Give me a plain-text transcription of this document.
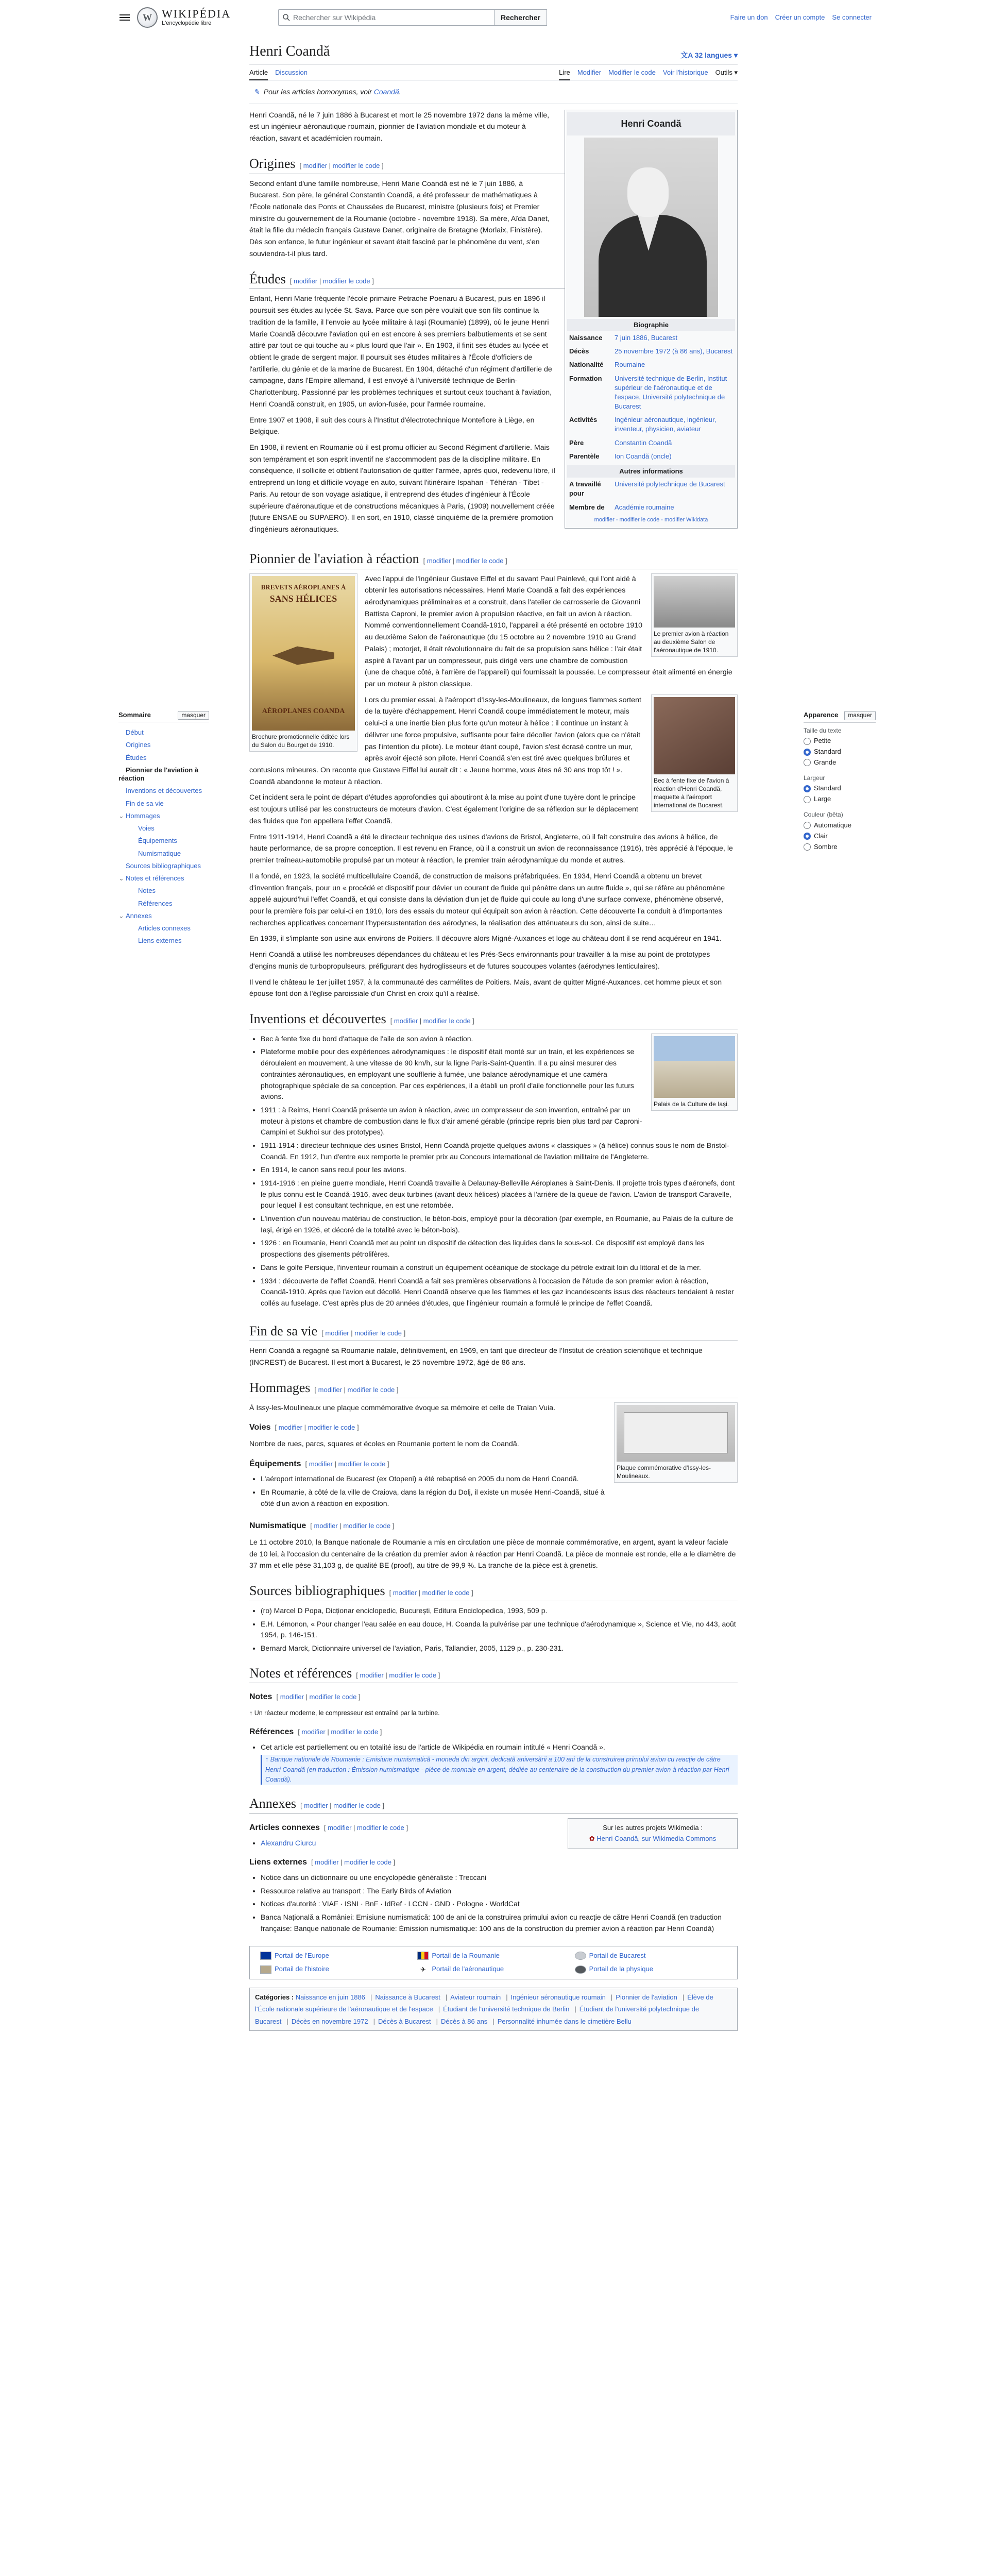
W WIKIPÉDIA
L'encyclopédie libre
Rechercher sur Wikipédia	Rechercher	Faire un don Créer un compte Se connecter
Sommaire	masquer
Début
Origines
Études
Pionnier de l'aviation à réaction
Inventions et découvertes
Fin de sa vie
⌄ Hommages
Voies
Équipements
Numismatique
Sources bibliographiques
⌄ Notes et références
Notes
Références
⌄ Annexes
Articles connexes
Liens externes
Apparence	masquer
Taille du texte
Petite
Standard
Grande
Largeur
Standard
Large
Couleur (bêta)
Automatique
Clair
Sombre
Henri Coandă	文A 32 langues ▾
Article Discussion	Lire Modifier Modifier le code Voir l'historique Outils ▾
✎ Pour les articles homonymes, voir Coandă.
Henri Coandă
Biographie
Naissance	7 juin 1886, Bucarest
Décès	25 novembre 1972 (à 86 ans), Bucarest
Nationalité	Roumaine
Formation	Université technique de Berlin, Institut supérieur de l'aéronautique et de l'espace, Université polytechnique de Bucarest
Activités	Ingénieur aéronautique, ingénieur, inventeur, physicien, aviateur
Père	Constantin Coandă
Parentèle	Ion Coandă (oncle)
Autres informations
A travaillé pour	Université polytechnique de Bucarest
Membre de	Académie roumaine
modifier - modifier le code - modifier Wikidata

Henri Coandă, né le 7 juin 1886 à Bucarest et mort le 25 novembre 1972 dans la même ville, est un ingénieur aéronautique roumain, pionnier de l'aviation mondiale et du moteur à réaction, savant et académicien roumain.

Origines [ modifier | modifier le code ]

Second enfant d'une famille nombreuse, Henri Marie Coandă est né le 7 juin 1886, à Bucarest. Son père, le général Constantin Coandă, a été professeur de mathématiques à l'École nationale des Ponts et Chaussées de Bucarest, ministre (plusieurs fois) et Premier ministre du gouvernement de la Roumanie (octobre - novembre 1918). Sa mère, Aïda Danet, était la fille du médecin français Gustave Danet, originaire de Bretagne (Morlaix, Finistère). Dès son enfance, le futur ingénieur et savant était fasciné par le phénomène du vent, s'en souviendra-t-il plus tard.

Études [ modifier | modifier le code ]

Enfant, Henri Marie fréquente l'école primaire Petrache Poenaru à Bucarest, puis en 1896 il poursuit ses études au lycée St. Sava. Parce que son père voulait que son fils continue la tradition de la famille, il l'envoie au lycée militaire à Iași (Roumanie) (1899), où le jeune Henri Marie Coandă découvre l'aviation qui en est encore à ses premiers balbutiements et se sent attiré par tout ce qui touche au « plus lourd que l'air ». En 1903, il finit ses études au lycée et obtient le grade de sergent major. Il poursuit ses études militaires à l'École d'officiers de l'artillerie, du génie et de la marine de Bucarest. En 1904, détaché d'un régiment d'artillerie de campagne, dans l'Empire allemand, il est envoyé à l'université technique de Berlin-Charlottenburg. Passionné par les problèmes techniques et surtout ceux touchant à l'aviation, Henri Coandă construit, en 1905, un avion-fusée, pour l'armée roumaine.

Entre 1907 et 1908, il suit des cours à l'Institut d'électrotechnique Montefiore à Liège, en Belgique.

En 1908, il revient en Roumanie où il est promu officier au Second Régiment d'artillerie. Mais son tempérament et son esprit inventif ne s'accommodent pas de la discipline militaire. En conséquence, il sollicite et obtient l'autorisation de quitter l'armée, après quoi, redevenu libre, il entreprend un long et difficile voyage en auto, suivant l'itinéraire Ispahan - Téhéran - Tibet - Paris. Au retour de son voyage asiatique, il entreprend des études d'ingénieur à l'École supérieure d'aéronautique et de constructions mécaniques à Paris, (1909) nouvellement créée (future ENSAE ou SUPAERO). Il en sort, en 1910, classé cinquième de la première promotion d'ingénieurs aéronautiques.

Pionnier de l'aviation à réaction [ modifier | modifier le code ]
BREVETS AÉROPLANES À
SANS HÉLICES
AÉROPLANES COANDA
Brochure promotionnelle éditée lors du Salon du Bourget de 1910.
Le premier avion à réaction au deuxième Salon de l'aéronautique de 1910.

Avec l'appui de l'ingénieur Gustave Eiffel et du savant Paul Painlevé, qui l'ont aidé à obtenir les autorisations nécessaires, Henri Marie Coandă a fait des expériences aérodynamiques préliminaires et a construit, dans l'atelier de carrosserie de Giovanni Battista Caproni, le premier avion à propulsion réactive, en fait un avion à réaction. Nommé conventionnellement Coandă-1910, l'appareil a été présenté en octobre 1910 au deuxième Salon de l'aéronautique (du 15 octobre au 2 novembre 1910 au Grand Palais) ; motorjet, il était révolutionnaire du fait de sa propulsion sans hélice : l'air était aspiré à l'avant par un compresseur, puis dirigé vers une chambre de combustion (une de chaque côté, à l'arrière de l'appareil) qui fournissait la poussée. Le compresseur était alimenté en énergie par un moteur à piston classique.

Bec à fente fixe de l'avion à réaction d'Henri Coandă, maquette à l'aéroport international de Bucarest.

Lors du premier essai, à l'aéroport d'Issy-les-Moulineaux, de longues flammes sortent de la tuyère d'échappement. Henri Coandă coupe immédiatement le moteur, mais celui-ci a une inertie bien plus forte qu'un moteur à hélice : il continue un instant à délivrer une force propulsive, suffisante pour faire décoller l'avion (alors que ce n'était pas l'intention du pilote). Le moteur étant coupé, l'avion s'est écrasé contre un mur, après avoir éjecté son pilote. Henri Coandă s'en est tiré avec quelques brûlures et contusions mineures. On raconte que Gustave Eiffel lui aurait dit : « Jeune homme, vous êtes né 30 ans trop tôt ! ». Coandă abandonne le moteur à réaction.

Cet incident sera le point de départ d'études approfondies qui aboutiront à la mise au point d'une tuyère dont le principe est toujours utilisé par les constructeurs de moteurs d'avion. C'est également l'origine de sa réflexion sur le déplacement des fluides que l'on appellera l'effet Coandă.

Entre 1911-1914, Henri Coandă a été le directeur technique des usines d'avions de Bristol, Angleterre, où il fait construire des avions à hélice, de haute performance, de sa propre conception. Il est revenu en France, où il a construit un avion de reconnaissance (1916), très apprécié à l'époque, le premier traîneau-automobile propulsé par un moteur à réaction, le premier train aérodynamique du monde et autres.

Il a fondé, en 1923, la société multicellulaire Coandă, de construction de maisons préfabriquées. En 1934, Henri Coandă a obtenu un brevet d'invention français, pour un « procédé et dispositif pour dévier un courant de fluide qui pénètre dans un autre fluide », qui se réfère au phénomène appelé aujourd'hui l'effet Coandă, et qui consiste dans la déviation d'un jet de fluide qui coule au long d'une surface convexe, phénomène observé, pour la première fois par celui-ci en 1910, lors des essais du moteur qui équipait son avion à réaction. Cette découverte l'a conduit à d'importantes recherches applicatives concernant l'hypersustentation des aérodynes, la réalisation des atténuateurs du son, ainsi de suite…

En 1939, il s'implante son usine aux environs de Poitiers. Il découvre alors Migné-Auxances et loge au château dont il se rend acquéreur en 1941.

Henri Coandă a utilisé les nombreuses dépendances du château et les Prés-Secs environnants pour travailler à la mise au point de prototypes d'engins munis de turbopropulseurs, préfigurant des hydroglisseurs et de futures soucoupes volantes (aérodynes lenticulaires).

Il vend le château le 1er juillet 1957, à la communauté des carmélites de Poitiers. Mais, avant de quitter Migné-Auxances, cet homme pieux et son épouse font don à l'église paroissiale d'un Christ en croix qu'il a réalisé.

Inventions et découvertes [ modifier | modifier le code ]
Palais de la Culture de Iași.
• Bec à fente fixe du bord d'attaque de l'aile de son avion à réaction.
• Plateforme mobile pour des expériences aérodynamiques : le dispositif était monté sur un train, et les expériences se déroulaient en mouvement, à une vitesse de 90 km/h, sur la ligne Paris-Saint-Quentin. Il a pu ainsi mesurer des contraintes aéronautiques, en employant une soufflerie à fumée, une balance aérodynamique et une caméra photographique spéciale de sa conception. Par ces expériences, il a établi un profil d'aile fonctionnelle pour les futurs avions.
• 1911 : à Reims, Henri Coandă présente un avion à réaction, avec un compresseur de son invention, entraîné par un moteur à pistons et chambre de combustion dans le flux d'air amené gérable (principe repris bien plus tard par Caproni-Campini et Sukhoi sur des prototypes).
• 1911-1914 : directeur technique des usines Bristol, Henri Coandă projette quelques avions « classiques » (à hélice) connus sous le nom de Bristol-Coandă. En 1912, l'un d'entre eux remporte le premier prix au Concours international de l'aviation militaire de l'Angleterre.
• En 1914, le canon sans recul pour les avions.
• 1914-1916 : en pleine guerre mondiale, Henri Coandă travaille à Delaunay-Belleville Aéroplanes à Saint-Denis. Il projette trois types d'aéronefs, dont le plus connu est le Coandă-1916, avec deux turbines (avant deux hélices) placées à l'arrière de la queue de l'avion. L'avion de transport Caravelle, pour lequel il est consultant technique, en est une retombée.
• L'invention d'un nouveau matériau de construction, le béton-bois, employé pour la décoration (par exemple, en Roumanie, au Palais de la culture de Iași, érigé en 1926, et décoré de la totalité avec le béton-bois).
• 1926 : en Roumanie, Henri Coandă met au point un dispositif de détection des liquides dans le sous-sol. Ce dispositif est employé dans les prospections des gisements pétrolifères.
• Dans le golfe Persique, l'inventeur roumain a construit un équipement océanique de stockage du pétrole extrait loin du littoral et de la mer.
• 1934 : découverte de l'effet Coandă. Henri Coandă a fait ses premières observations à l'occasion de l'étude de son premier avion à réaction, Coandă-1910. Après que l'avion eut décollé, Henri Coandă observe que les flammes et les gaz incandescents issus des réacteurs tendaient à rester collés au fuselage. C'est après plus de 20 années d'études, que l'ingénieur roumain a formulé le principe de l'effet Coandă.
Fin de sa vie [ modifier | modifier le code ]

Henri Coandă a regagné sa Roumanie natale, définitivement, en 1969, en tant que directeur de l'Institut de création scientifique et technique (INCREST) de Bucarest. Il est mort à Bucarest, le 25 novembre 1972, âgé de 86 ans.

Hommages [ modifier | modifier le code ]
Plaque commémorative d'Issy-les-Moulineaux.

À Issy-les-Moulineaux une plaque commémorative évoque sa mémoire et celle de Traian Vuia.

Voies [ modifier | modifier le code ]

Nombre de rues, parcs, squares et écoles en Roumanie portent le nom de Coandă.

Équipements [ modifier | modifier le code ]
• L'aéroport international de Bucarest (ex Otopeni) a été rebaptisé en 2005 du nom de Henri Coandă.
• En Roumanie, à côté de la ville de Craiova, dans la région du Dolj, il existe un musée Henri-Coandă, situé à côté d'un avion à réaction en exposition.
Numismatique [ modifier | modifier le code ]

Le 11 octobre 2010, la Banque nationale de Roumanie a mis en circulation une pièce de monnaie commémorative, en argent, ayant la valeur faciale de 10 lei, à l'occasion du centenaire de la création du premier avion à réaction par Henri Coandă. La pièce de monnaie est ronde, elle a le diamètre de 37 mm et elle pèse 31,103 g, de qualité BE (proof), au titre de 99,9 %. La tranche de la pièce est à grenetis.

Sources bibliographiques [ modifier | modifier le code ]
• (ro) Marcel D Popa, Dicționar enciclopedic, București, Editura Enciclopedica, 1993, 509 p.
• E.H. Lémonon, « Pour changer l'eau salée en eau douce, H. Coanda la pulvérise par une technique d'aérodynamique », Science et Vie, no 443, août 1954, p. 146-151.
• Bernard Marck, Dictionnaire universel de l'aviation, Paris, Tallandier, 2005, 1129 p., p. 230-231.
Notes et références [ modifier | modifier le code ]
Notes [ modifier | modifier le code ]

↑ Un réacteur moderne, le compresseur est entraîné par la turbine.

Références [ modifier | modifier le code ]
• Cet article est partiellement ou en totalité issu de l'article de Wikipédia en roumain intitulé « Henri Coandă ».
↑ Banque nationale de Roumanie : Emisiune numismatică - moneda din argint, dedicată aniversării a 100 ani de la construirea primului avion cu reacție de către Henri Coandă (en traduction : Émission numismatique - pièce de monnaie en argent, dédiée au centenaire de la construction du premier avion à réaction par Henri Coandă).
Annexes [ modifier | modifier le code ]
Sur les autres projets Wikimedia :
✿ Henri Coandă, sur Wikimedia Commons
Articles connexes [ modifier | modifier le code ]
• Alexandru Ciurcu
Liens externes [ modifier | modifier le code ]
• Notice dans un dictionnaire ou une encyclopédie généraliste : Treccani
• Ressource relative au transport : The Early Birds of Aviation
• Notices d'autorité : VIAF · ISNI · BnF · IdRef · LCCN · GND · Pologne · WorldCat
• Banca Națională a României: Emisiune numismatică: 100 de ani de la construirea primului avion cu reacție de către Henri Coandă (en traduction française: Banque nationale de Roumanie: Émission numismatique: 100 ans de la construction du premier avion à réaction par Henri Coandă)
Portail de l'Europe	Portail de la Roumanie	Portail de Bucarest
Portail de l'histoire	✈ Portail de l'aéronautique	Portail de la physique
Catégories : Naissance en juin 1886 | Naissance à Bucarest | Aviateur roumain | Ingénieur aéronautique roumain | Pionnier de l'aviation | Élève de l'École nationale supérieure de l'aéronautique et de l'espace | Étudiant de l'université technique de Berlin | Étudiant de l'université polytechnique de Bucarest | Décès en novembre 1972 | Décès à Bucarest | Décès à 86 ans | Personnalité inhumée dans le cimetière Bellu
